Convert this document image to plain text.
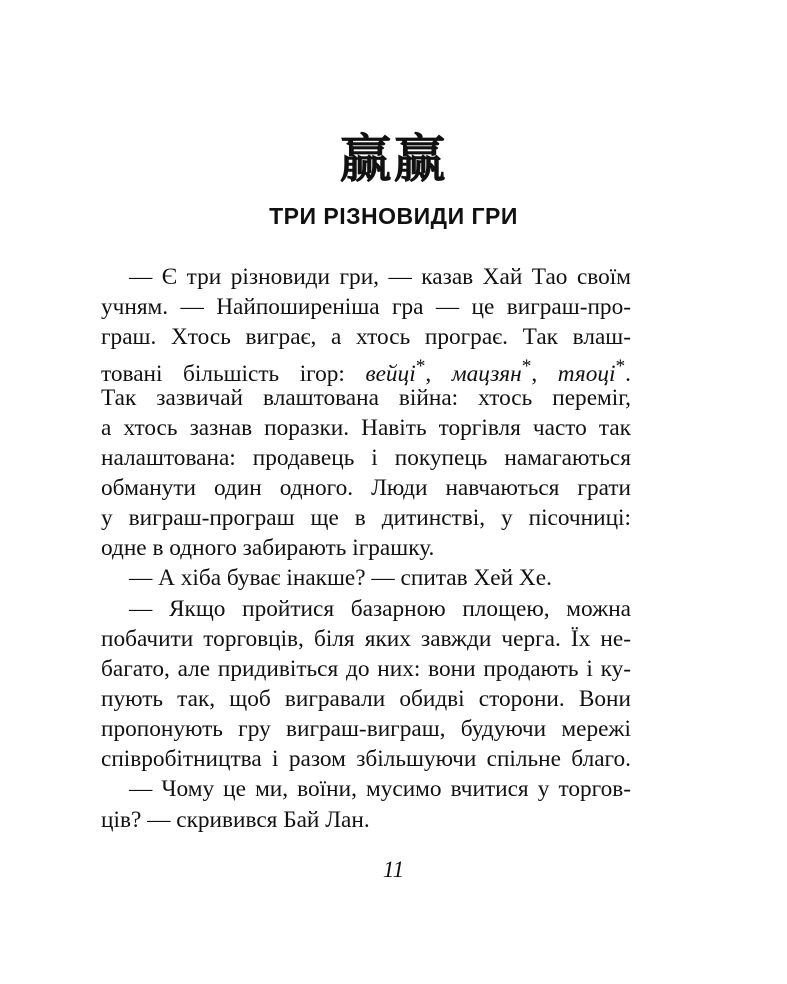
赢赢
ТРИ РІЗНОВИДИ ГРИ
— Є три різновиди гри, — казав Хай Тао своїм
учням. — Найпоширеніша гра — це виграш-про-
граш. Хтось виграє, а хтось програє. Так влаш-
товані більшість ігор: вейці*, мацзян*, тяоці*.
Так зазвичай влаштована війна: хтось переміг,
а хтось зазнав поразки. Навіть торгівля часто так
налаштована: продавець і покупець намагаються
обманути один одного. Люди навчаються грати
у виграш-програш ще в дитинстві, у пісочниці:
одне в одного забирають іграшку.
— А хіба буває інакше? — спитав Хей Хе.
— Якщо пройтися базарною площею, можна
побачити торговців, біля яких завжди черга. Їх не-
багато, але придивіться до них: вони продають і ку-
пують так, щоб вигравали обидві сторони. Вони
пропонують гру виграш-виграш, будуючи мережі
співробітництва і разом збільшуючи спільне благо.
— Чому це ми, воїни, мусимо вчитися у торгов-
ців? — скривився Бай Лан.
11
